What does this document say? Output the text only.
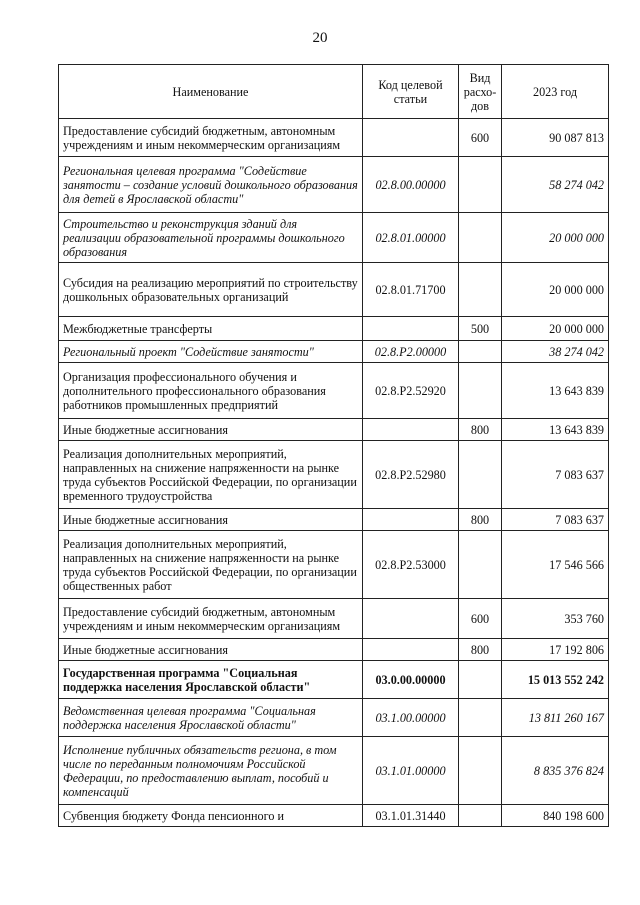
20
Наименование	Код целевой статьи	Вид расхо-дов	2023 год
Предоставление субсидий бюджетным, автономным учреждениям и иным некоммерческим организациям		600	90 087 813
Региональная целевая программа "Содействие занятости – создание условий дошкольного образования для детей в Ярославской области"	02.8.00.00000		58 274 042
Строительство и реконструкция зданий для реализации образовательной программы дошкольного образования	02.8.01.00000		20 000 000
Субсидия на реализацию мероприятий по строительству дошкольных образовательных организаций	02.8.01.71700		20 000 000
Межбюджетные трансферты		500	20 000 000
Региональный проект "Содействие занятости"	02.8.P2.00000		38 274 042
Организация профессионального обучения и дополнительного профессионального образования работников промышленных предприятий	02.8.P2.52920		13 643 839
Иные бюджетные ассигнования		800	13 643 839
Реализация дополнительных мероприятий, направленных на снижение напряженности на рынке труда субъектов Российской Федерации, по организации временного трудоустройства	02.8.P2.52980		7 083 637
Иные бюджетные ассигнования		800	7 083 637
Реализация дополнительных мероприятий, направленных на снижение напряженности на рынке труда субъектов Российской Федерации, по организации общественных работ	02.8.P2.53000		17 546 566
Предоставление субсидий бюджетным, автономным учреждениям и иным некоммерческим организациям		600	353 760
Иные бюджетные ассигнования		800	17 192 806
Государственная программа "Социальная поддержка населения Ярославской области"	03.0.00.00000		15 013 552 242
Ведомственная целевая программа "Социальная поддержка населения Ярославской области"	03.1.00.00000		13 811 260 167
Исполнение публичных обязательств региона, в том числе по переданным полномочиям Российской Федерации, по предоставлению выплат, пособий и компенсаций	03.1.01.00000		8 835 376 824
Субвенция бюджету Фонда пенсионного и	03.1.01.31440		840 198 600
